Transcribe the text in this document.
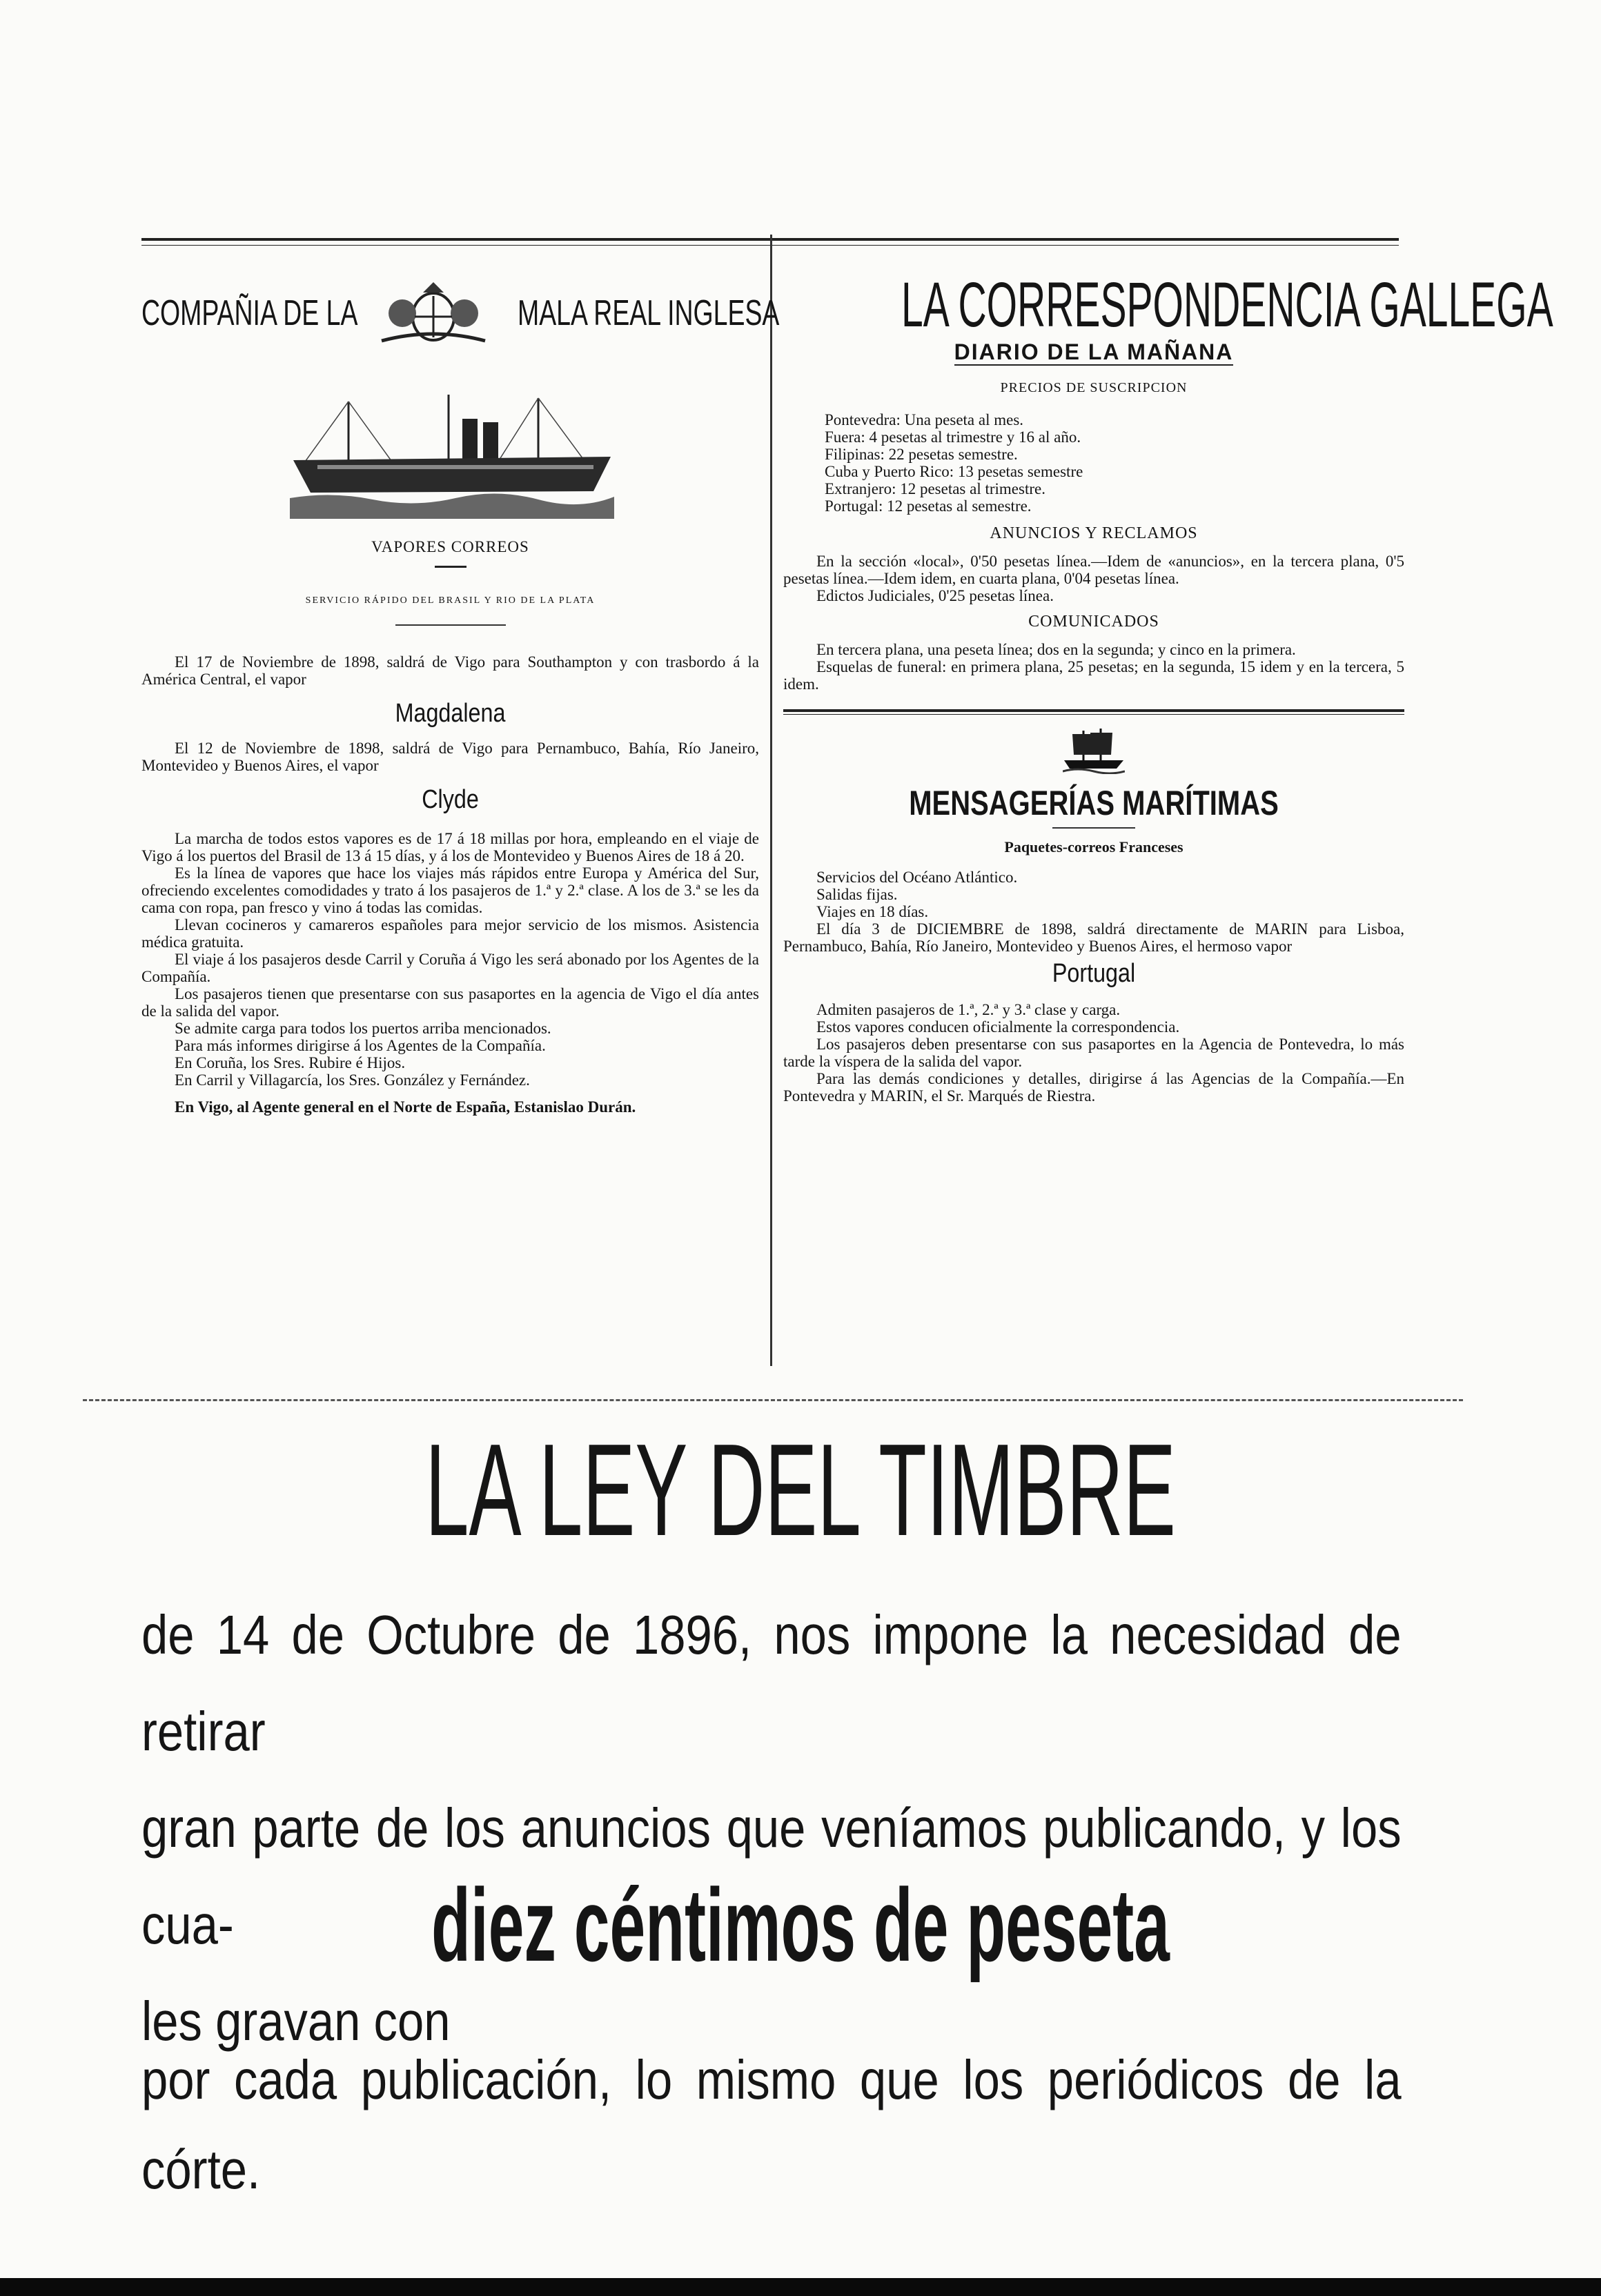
COMPAÑIA DE LA	MALA REAL INGLESA
VAPORES CORREOS
SERVICIO RÁPIDO DEL BRASIL Y RIO DE LA PLATA

El 17 de Noviembre de 1898, saldrá de Vigo para Southampton y con trasbordo á la América Central, el vapor

Magdalena

El 12 de Noviembre de 1898, saldrá de Vigo para Pernambuco, Bahía, Río Janeiro, Montevideo y Buenos Aires, el vapor

Clyde

La marcha de todos estos vapores es de 17 á 18 millas por hora, empleando en el viaje de Vigo á los puertos del Brasil de 13 á 15 días, y á los de Montevideo y Buenos Aires de 18 á 20.

Es la línea de vapores que hace los viajes más rápidos entre Europa y América del Sur, ofreciendo excelentes comodidades y trato á los pasajeros de 1.ª y 2.ª clase. A los de 3.ª se les da cama con ropa, pan fresco y vino á todas las comidas.

Llevan cocineros y camareros españoles para mejor servicio de los mismos. Asistencia médica gratuita.

El viaje á los pasajeros desde Carril y Coruña á Vigo les será abonado por los Agentes de la Compañía.

Los pasajeros tienen que presentarse con sus pasaportes en la agencia de Vigo el día antes de la salida del vapor.

Se admite carga para todos los puertos arriba mencionados.

Para más informes dirigirse á los Agentes de la Compañía.

En Coruña, los Sres. Rubire é Hijos.

En Carril y Villagarcía, los Sres. González y Fernández.

En Vigo, al Agente general en el Norte de España, Estanislao Durán.

LA CORRESPONDENCIA GALLEGA
DIARIO DE LA MAÑANA
PRECIOS DE SUSCRIPCION

Pontevedra: Una peseta al mes.

Fuera: 4 pesetas al trimestre y 16 al año.

Filipinas: 22 pesetas semestre.

Cuba y Puerto Rico: 13 pesetas semestre

Extranjero: 12 pesetas al trimestre.

Portugal: 12 pesetas al semestre.

ANUNCIOS Y RECLAMOS

En la sección «local», 0'50 pesetas línea.—Idem de «anuncios», en la tercera plana, 0'5 pesetas línea.—Idem idem, en cuarta plana, 0'04 pesetas línea.

Edictos Judiciales, 0'25 pesetas línea.

COMUNICADOS

En tercera plana, una peseta línea; dos en la segunda; y cinco en la primera.

Esquelas de funeral: en primera plana, 25 pesetas; en la segunda, 15 idem y en la tercera, 5 idem.

MENSAGERÍAS MARÍTIMAS
Paquetes-correos Franceses

Servicios del Océano Atlántico.

Salidas fijas.

Viajes en 18 días.

El día 3 de DICIEMBRE de 1898, saldrá directamente de MARIN para Lisboa, Pernambuco, Bahía, Río Janeiro, Montevideo y Buenos Aires, el hermoso vapor

Portugal

Admiten pasajeros de 1.ª, 2.ª y 3.ª clase y carga.

Estos vapores conducen oficialmente la correspondencia.

Los pasajeros deben presentarse con sus pasaportes en la Agencia de Pontevedra, lo más tarde la víspera de la salida del vapor.

Para las demás condiciones y detalles, dirigirse á las Agencias de la Compañía.—En Pontevedra y MARIN, el Sr. Marqués de Riestra.

LA LEY DEL TIMBRE
de 14 de Octubre de 1896, nos impone la necesidad de retirar
gran parte de los anuncios que veníamos publicando, y los cua-
les gravan con
diez céntimos de peseta
por cada publicación, lo mismo que los periódicos de la
córte.
